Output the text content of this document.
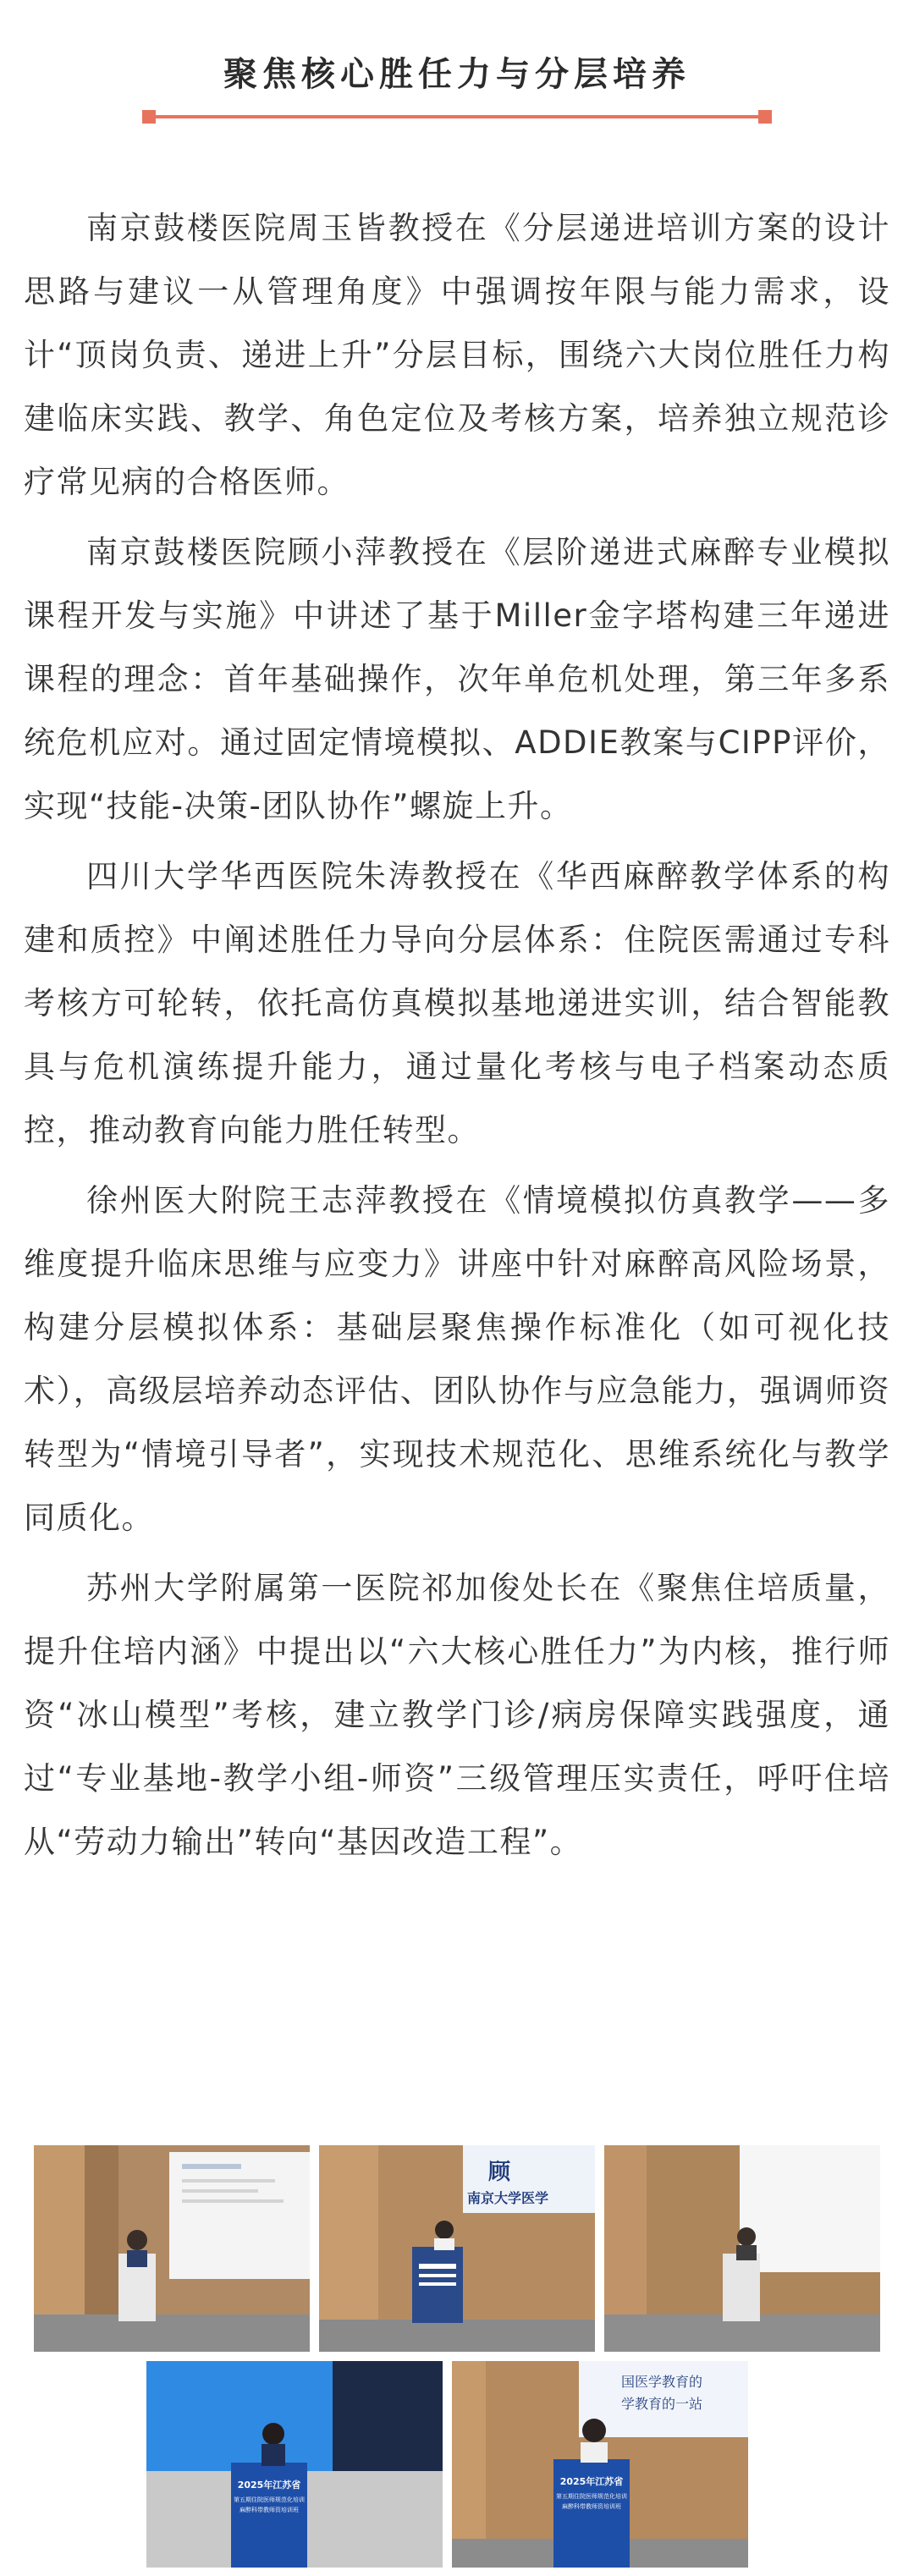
聚焦核心胜任力与分层培养

南京鼓楼医院周玉皆教授在《分层递进培训方案的设计思路与建议一从管理角度》中强调按年限与能力需求，设计“顶岗负责、递进上升”分层目标，围绕六大岗位胜任力构建临床实践、教学、角色定位及考核方案，培养独立规范诊疗常见病的合格医师。

南京鼓楼医院顾小萍教授在《层阶递进式麻醉专业模拟课程开发与实施》中讲述了基于Miller金字塔构建三年递进课程的理念：首年基础操作，次年单危机处理，第三年多系统危机应对。通过固定情境模拟、ADDIE教案与CIPP评价，实现“技能-决策-团队协作”螺旋上升。

四川大学华西医院朱涛教授在《华西麻醉教学体系的构建和质控》中阐述胜任力导向分层体系：住院医需通过专科考核方可轮转，依托高仿真模拟基地递进实训，结合智能教具与危机演练提升能力，通过量化考核与电子档案动态质控，推动教育向能力胜任转型。

徐州医大附院王志萍教授在《情境模拟仿真教学——多维度提升临床思维与应变力》讲座中针对麻醉高风险场景，构建分层模拟体系：基础层聚焦操作标准化（如可视化技术），高级层培养动态评估、团队协作与应急能力，强调师资转型为“情境引导者”，实现技术规范化、思维系统化与教学同质化。

苏州大学附属第一医院祁加俊处长在《聚焦住培质量，提升住培内涵》中提出以“六大核心胜任力”为内核，推行师资“冰山模型”考核，建立教学门诊/病房保障实践强度，通过“专业基地-教学小组-师资”三级管理压实责任，呼吁住培从“劳动力输出”转向“基因改造工程”。

顾
南京大学医学
2025年江苏省
第五期住院医师规范化培训
麻醉科带教师资培训班
国医学教育的
学教育的一站
2025年江苏省
第五期住院医师规范化培训
麻醉科带教师资培训班
